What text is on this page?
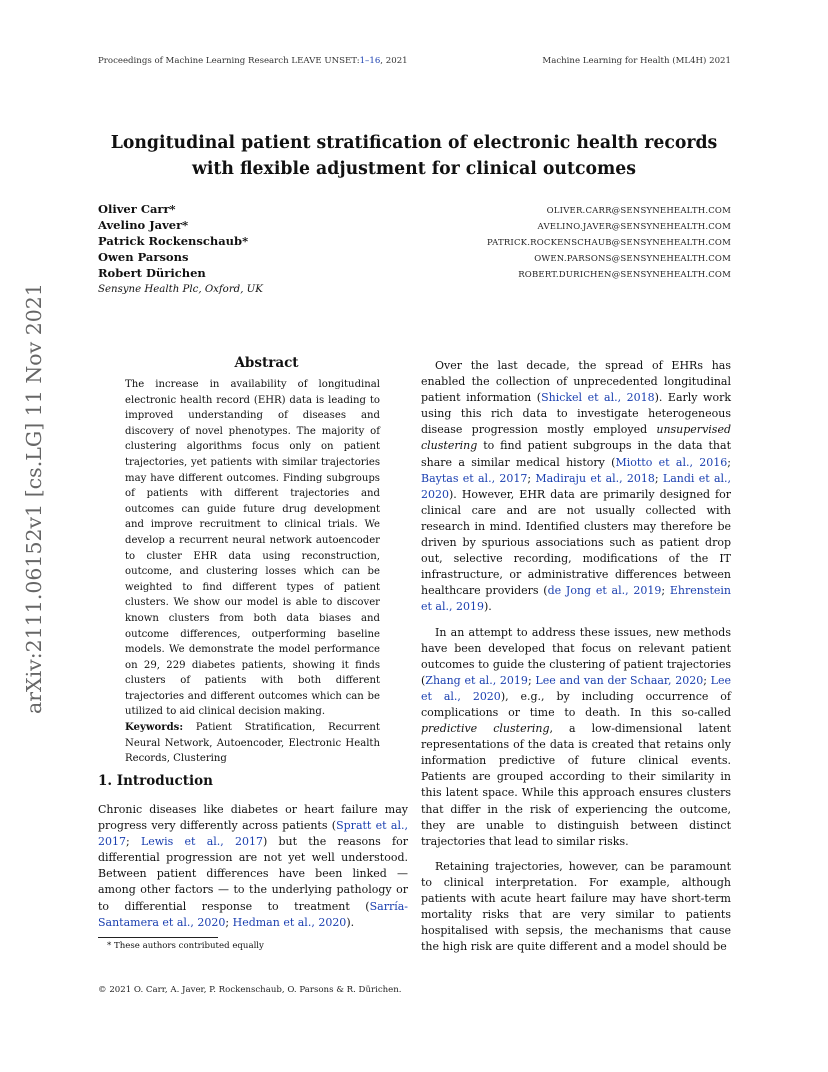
Proceedings of Machine Learning Research LEAVE UNSET:1–16, 2021	Machine Learning for Health (ML4H) 2021
arXiv:2111.06152v1 [cs.LG] 11 Nov 2021
Longitudinal patient stratification of electronic health records
with flexible adjustment for clinical outcomes
Oliver Carr*	OLIVER.CARR@SENSYNEHEALTH.COM
Avelino Javer*	AVELINO.JAVER@SENSYNEHEALTH.COM
Patrick Rockenschaub*	PATRICK.ROCKENSCHAUB@SENSYNEHEALTH.COM
Owen Parsons	OWEN.PARSONS@SENSYNEHEALTH.COM
Robert Dürichen	ROBERT.DURICHEN@SENSYNEHEALTH.COM
Sensyne Health Plc, Oxford, UK
Abstract

The increase in availability of longitudinal electronic health record (EHR) data is leading to improved understanding of diseases and discovery of novel phenotypes. The majority of clustering algorithms focus only on patient trajectories, yet patients with similar trajectories may have different outcomes. Finding subgroups of patients with different trajectories and outcomes can guide future drug development and improve recruitment to clinical trials. We develop a recurrent neural network autoencoder to cluster EHR data using reconstruction, outcome, and clustering losses which can be weighted to find different types of patient clusters. We show our model is able to discover known clusters from both data biases and outcome differences, outperforming baseline models. We demonstrate the model performance on 29, 229 diabetes patients, showing it finds clusters of patients with both different trajectories and different outcomes which can be utilized to aid clinical decision making.

Keywords: Patient Stratification, Recurrent Neural Network, Autoencoder, Electronic Health Records, Clustering

1. Introduction

Chronic diseases like diabetes or heart failure may progress very differently across patients (Spratt et al., 2017; Lewis et al., 2017) but the reasons for differential progression are not yet well understood. Between patient differences have been linked — among other factors — to the underlying pathology or to differential response to treatment (Sarría-Santamera et al., 2020; Hedman et al., 2020).

Over the last decade, the spread of EHRs has enabled the collection of unprecedented longitudinal patient information (Shickel et al., 2018). Early work using this rich data to investigate heterogeneous disease progression mostly employed unsupervised clustering to find patient subgroups in the data that share a similar medical history (Miotto et al., 2016; Baytas et al., 2017; Madiraju et al., 2018; Landi et al., 2020). However, EHR data are primarily designed for clinical care and are not usually collected with research in mind. Identified clusters may therefore be driven by spurious associations such as patient drop out, selective recording, modifications of the IT infrastructure, or administrative differences between healthcare providers (de Jong et al., 2019; Ehrenstein et al., 2019).

In an attempt to address these issues, new methods have been developed that focus on relevant patient outcomes to guide the clustering of patient trajectories (Zhang et al., 2019; Lee and van der Schaar, 2020; Lee et al., 2020), e.g., by including occurrence of complications or time to death. In this so-called predictive clustering, a low-dimensional latent representations of the data is created that retains only information predictive of future clinical events. Patients are grouped according to their similarity in this latent space. While this approach ensures clusters that differ in the risk of experiencing the outcome, they are unable to distinguish between distinct trajectories that lead to similar risks.

Retaining trajectories, however, can be paramount to clinical interpretation. For example, although patients with acute heart failure may have short-term mortality risks that are very similar to patients hospitalised with sepsis, the mechanisms that cause the high risk are quite different and a model should be

* These authors contributed equally
© 2021 O. Carr, A. Javer, P. Rockenschaub, O. Parsons & R. Dürichen.
